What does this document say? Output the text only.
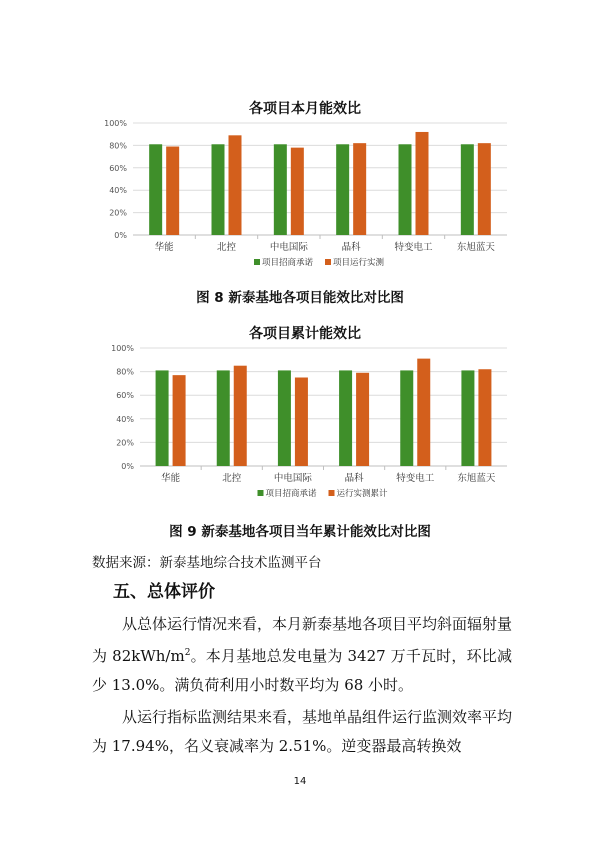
各项目本月能效比
0%
20%
40%
60%
80%
100%
华能	北控	中电国际	晶科	特变电工	东旭蓝天
项目招商承诺 项目运行实测
图 8 新泰基地各项目能效比对比图
各项目累计能效比
0%
20%
40%
60%
80%
100%
华能	北控	中电国际	晶科	特变电工 东旭蓝天
项目招商承诺 运行实测累计
图 9 新泰基地各项目当年累计能效比对比图
数据来源：新泰基地综合技术监测平台
五、总体评价
从总体运行情况来看，本月新泰基地各项目平均斜面辐射量为 $82kWh/m^2$。本月基地总发电量为 3427 万千瓦时，环比减少 13.0%。满负荷利用小时数平均为 68 小时。
从运行指标监测结果来看，基地单晶组件运行监测效率平均为 17.94%，名义衰减率为 2.51%。逆变器最高转换效
14
